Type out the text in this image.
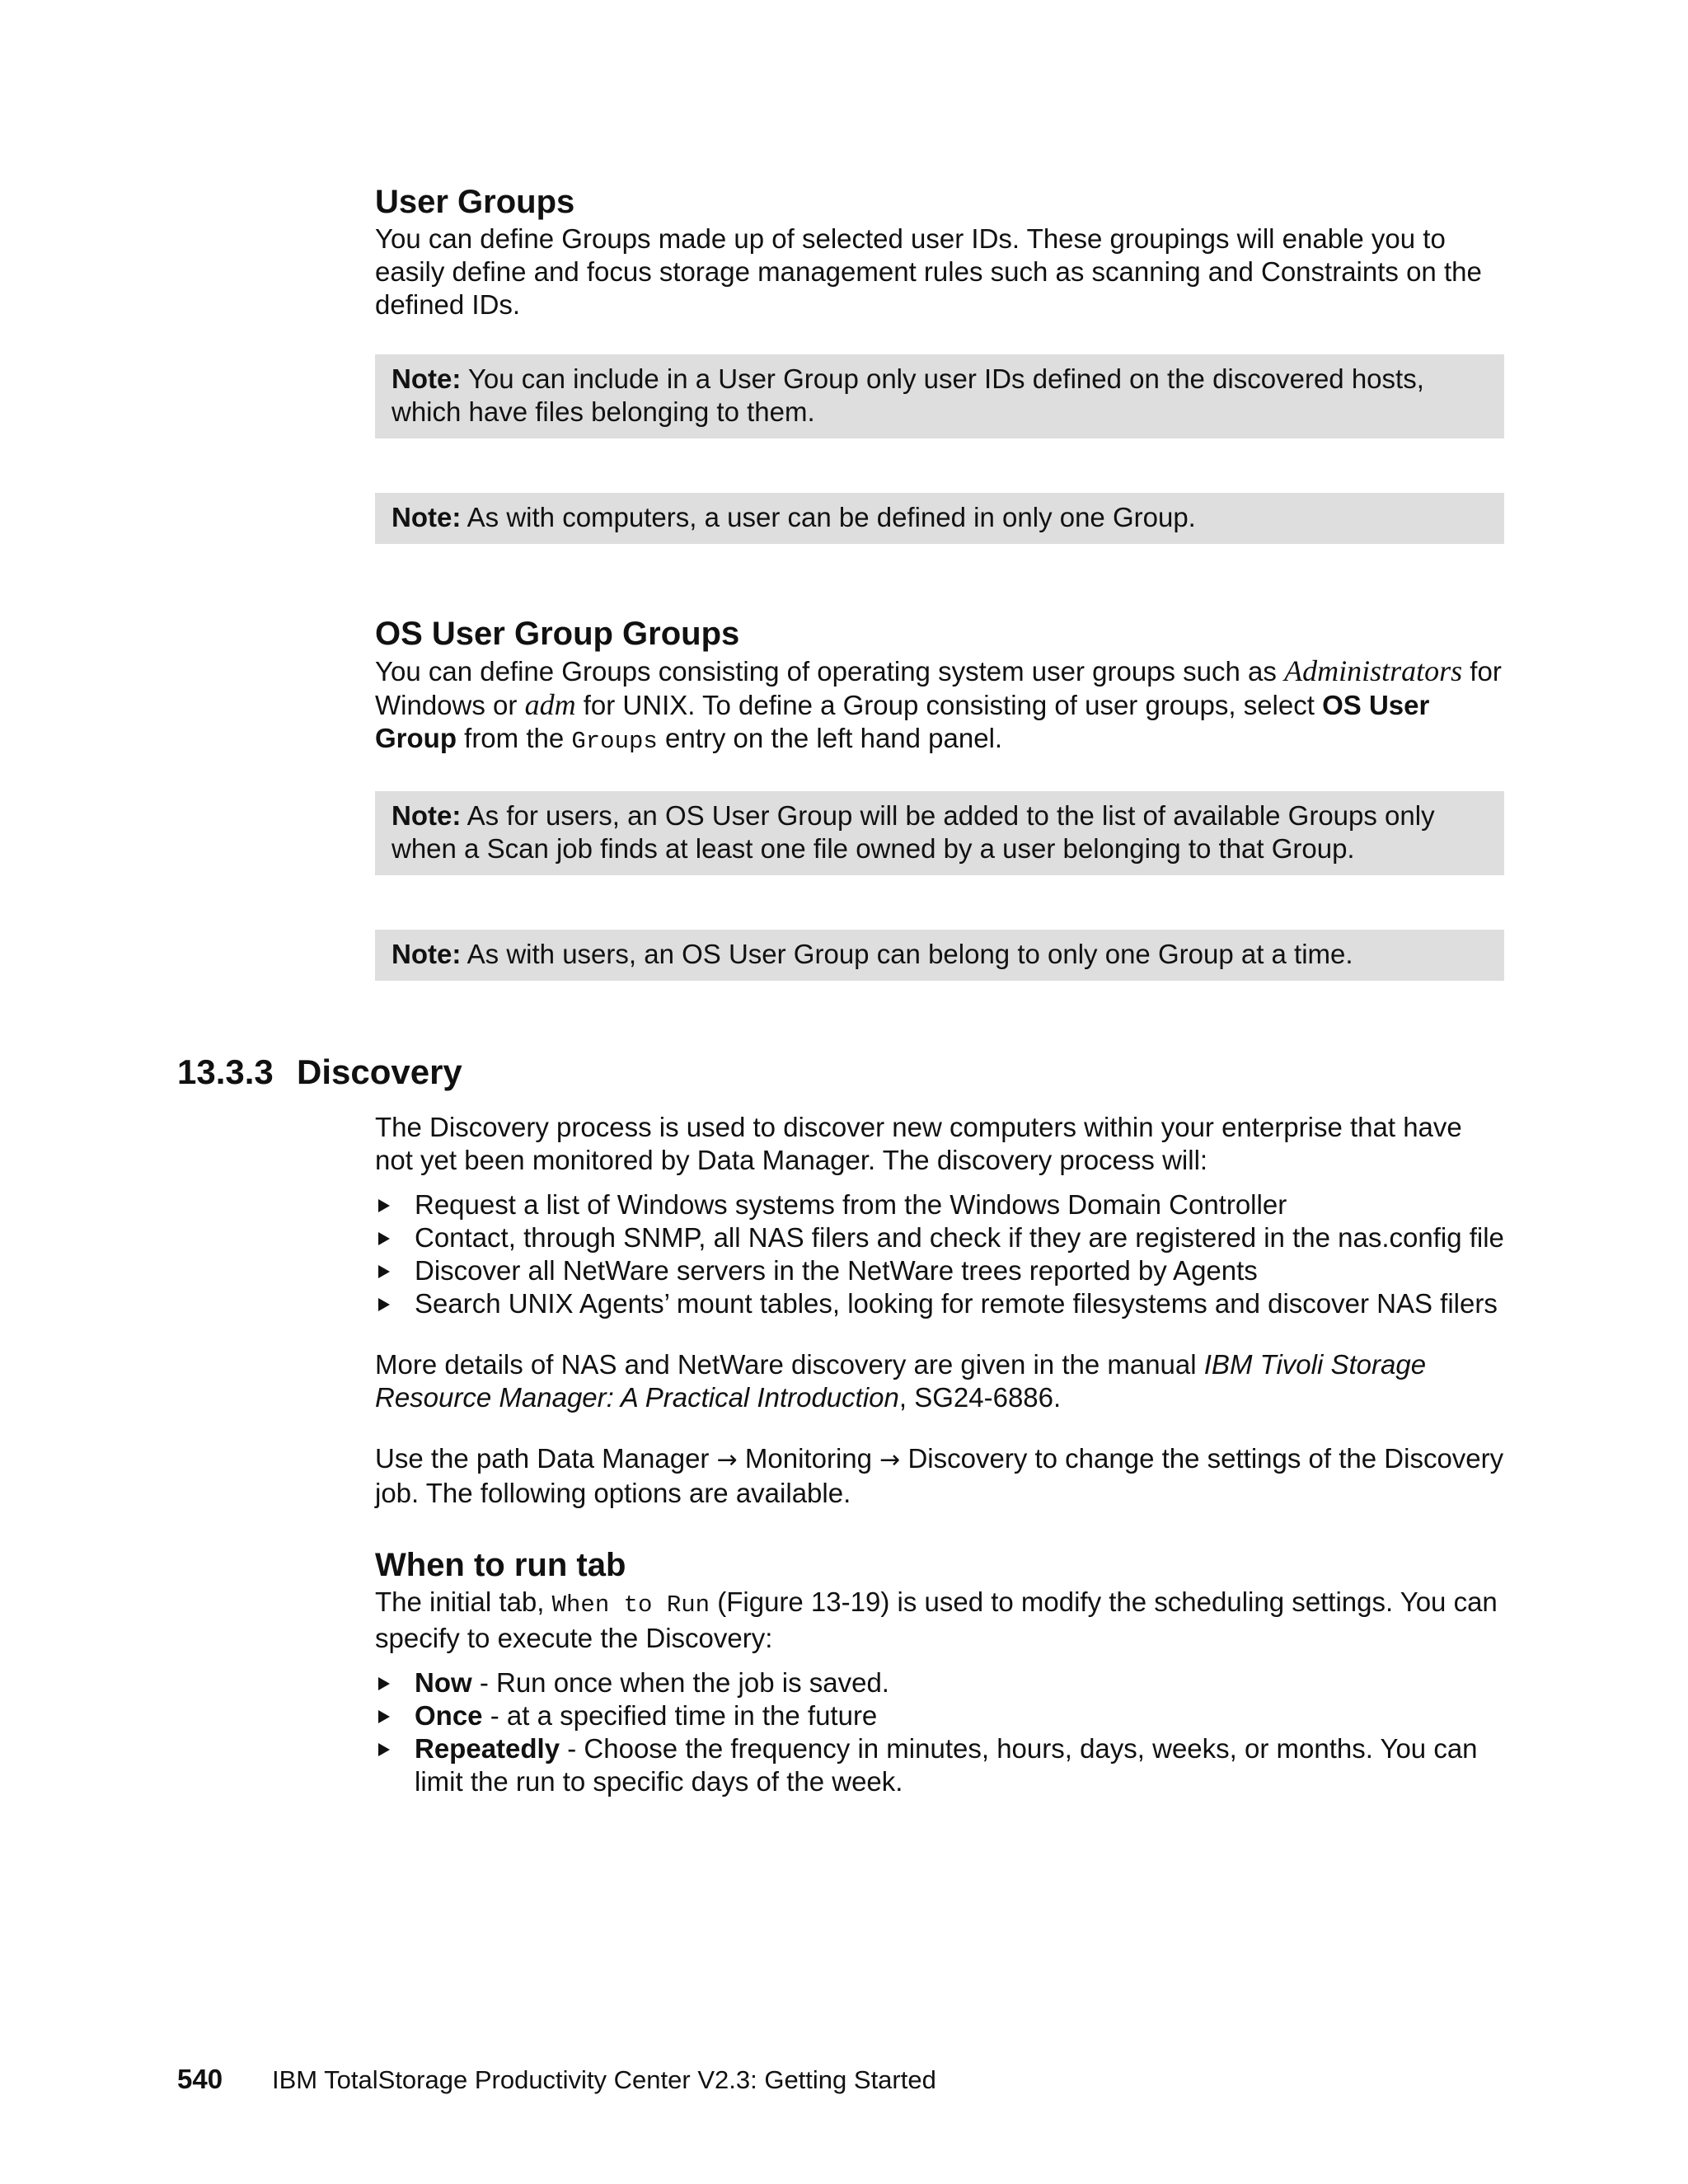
User Groups

You can define Groups made up of selected user IDs. These groupings will enable you to easily define and focus storage management rules such as scanning and Constraints on the defined IDs.

Note: You can include in a User Group only user IDs defined on the discovered hosts, which have files belonging to them.
Note: As with computers, a user can be defined in only one Group.
OS User Group Groups

You can define Groups consisting of operating system user groups such as Administrators for Windows or adm for UNIX. To define a Group consisting of user groups, select OS User Group from the Groups entry on the left hand panel.

Note: As for users, an OS User Group will be added to the list of available Groups only when a Scan job finds at least one file owned by a user belonging to that Group.
Note: As with users, an OS User Group can belong to only one Group at a time.
13.3.3 Discovery

The Discovery process is used to discover new computers within your enterprise that have not yet been monitored by Data Manager. The discovery process will:

Request a list of Windows systems from the Windows Domain Controller
Contact, through SNMP, all NAS filers and check if they are registered in the nas.config file
Discover all NetWare servers in the NetWare trees reported by Agents
Search UNIX Agents’ mount tables, looking for remote filesystems and discover NAS filers

More details of NAS and NetWare discovery are given in the manual IBM Tivoli Storage Resource Manager: A Practical Introduction, SG24-6886.

Use the path Data Manager → Monitoring → Discovery to change the settings of the Discovery job. The following options are available.

When to run tab

The initial tab, When to Run (Figure 13-19) is used to modify the scheduling settings. You can specify to execute the Discovery:

Now - Run once when the job is saved.
Once - at a specified time in the future
Repeatedly - Choose the frequency in minutes, hours, days, weeks, or months. You can limit the run to specific days of the week.
540 IBM TotalStorage Productivity Center V2.3: Getting Started
